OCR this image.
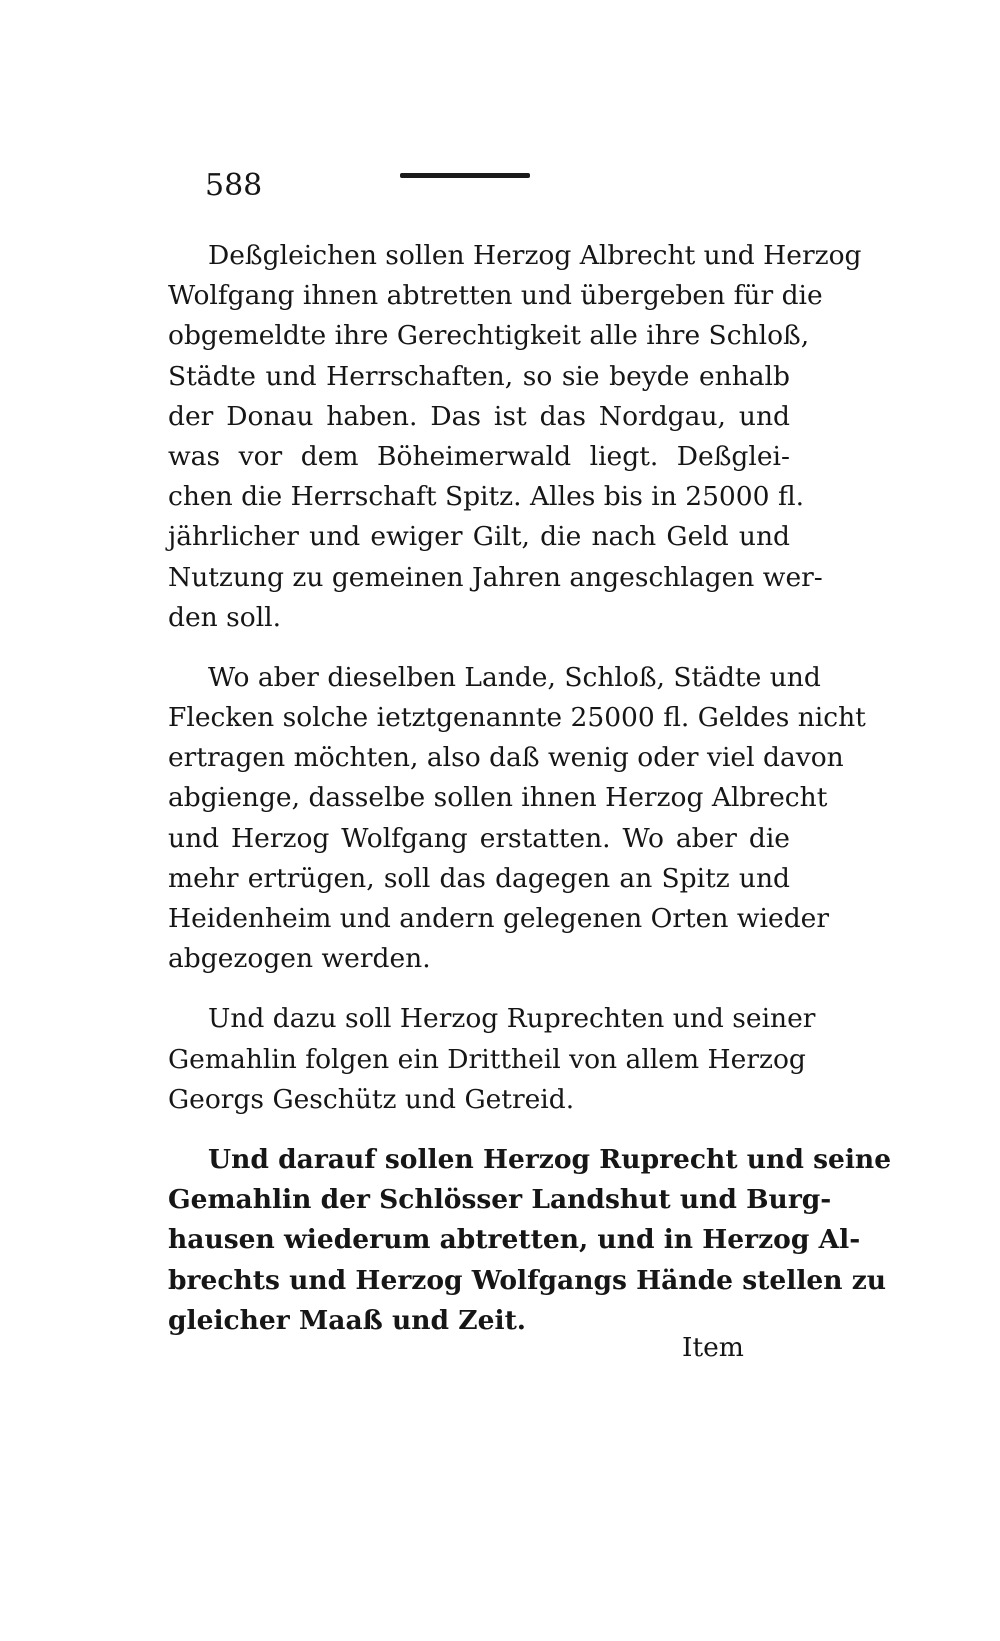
588
Deßgleichen sollen Herzog Albrecht und Herzog
Wolfgang ihnen abtretten und übergeben für die
obgemeldte ihre Gerechtigkeit alle ihre Schloß,
Städte und Herrschaften, so sie beyde enhalb
der Donau haben. Das ist das Nordgau, und
was vor dem Böheimerwald liegt. Deßglei-
chen die Herrschaft Spitz. Alles bis in 25000 fl.
jährlicher und ewiger Gilt, die nach Geld und
Nutzung zu gemeinen Jahren angeschlagen wer-
den soll.
Wo aber dieselben Lande, Schloß, Städte und
Flecken solche ietztgenannte 25000 fl. Geldes nicht
ertragen möchten, also daß wenig oder viel davon
abgienge, dasselbe sollen ihnen Herzog Albrecht
und Herzog Wolfgang erstatten. Wo aber die
mehr ertrügen, soll das dagegen an Spitz und
Heidenheim und andern gelegenen Orten wieder
abgezogen werden.
Und dazu soll Herzog Ruprechten und seiner
Gemahlin folgen ein Drittheil von allem Herzog
Georgs Geschütz und Getreid.
Und darauf sollen Herzog Ruprecht und seine
Gemahlin der Schlösser Landshut und Burg-
hausen wiederum abtretten, und in Herzog Al-
brechts und Herzog Wolfgangs Hände stellen zu
gleicher Maaß und Zeit.
Item
